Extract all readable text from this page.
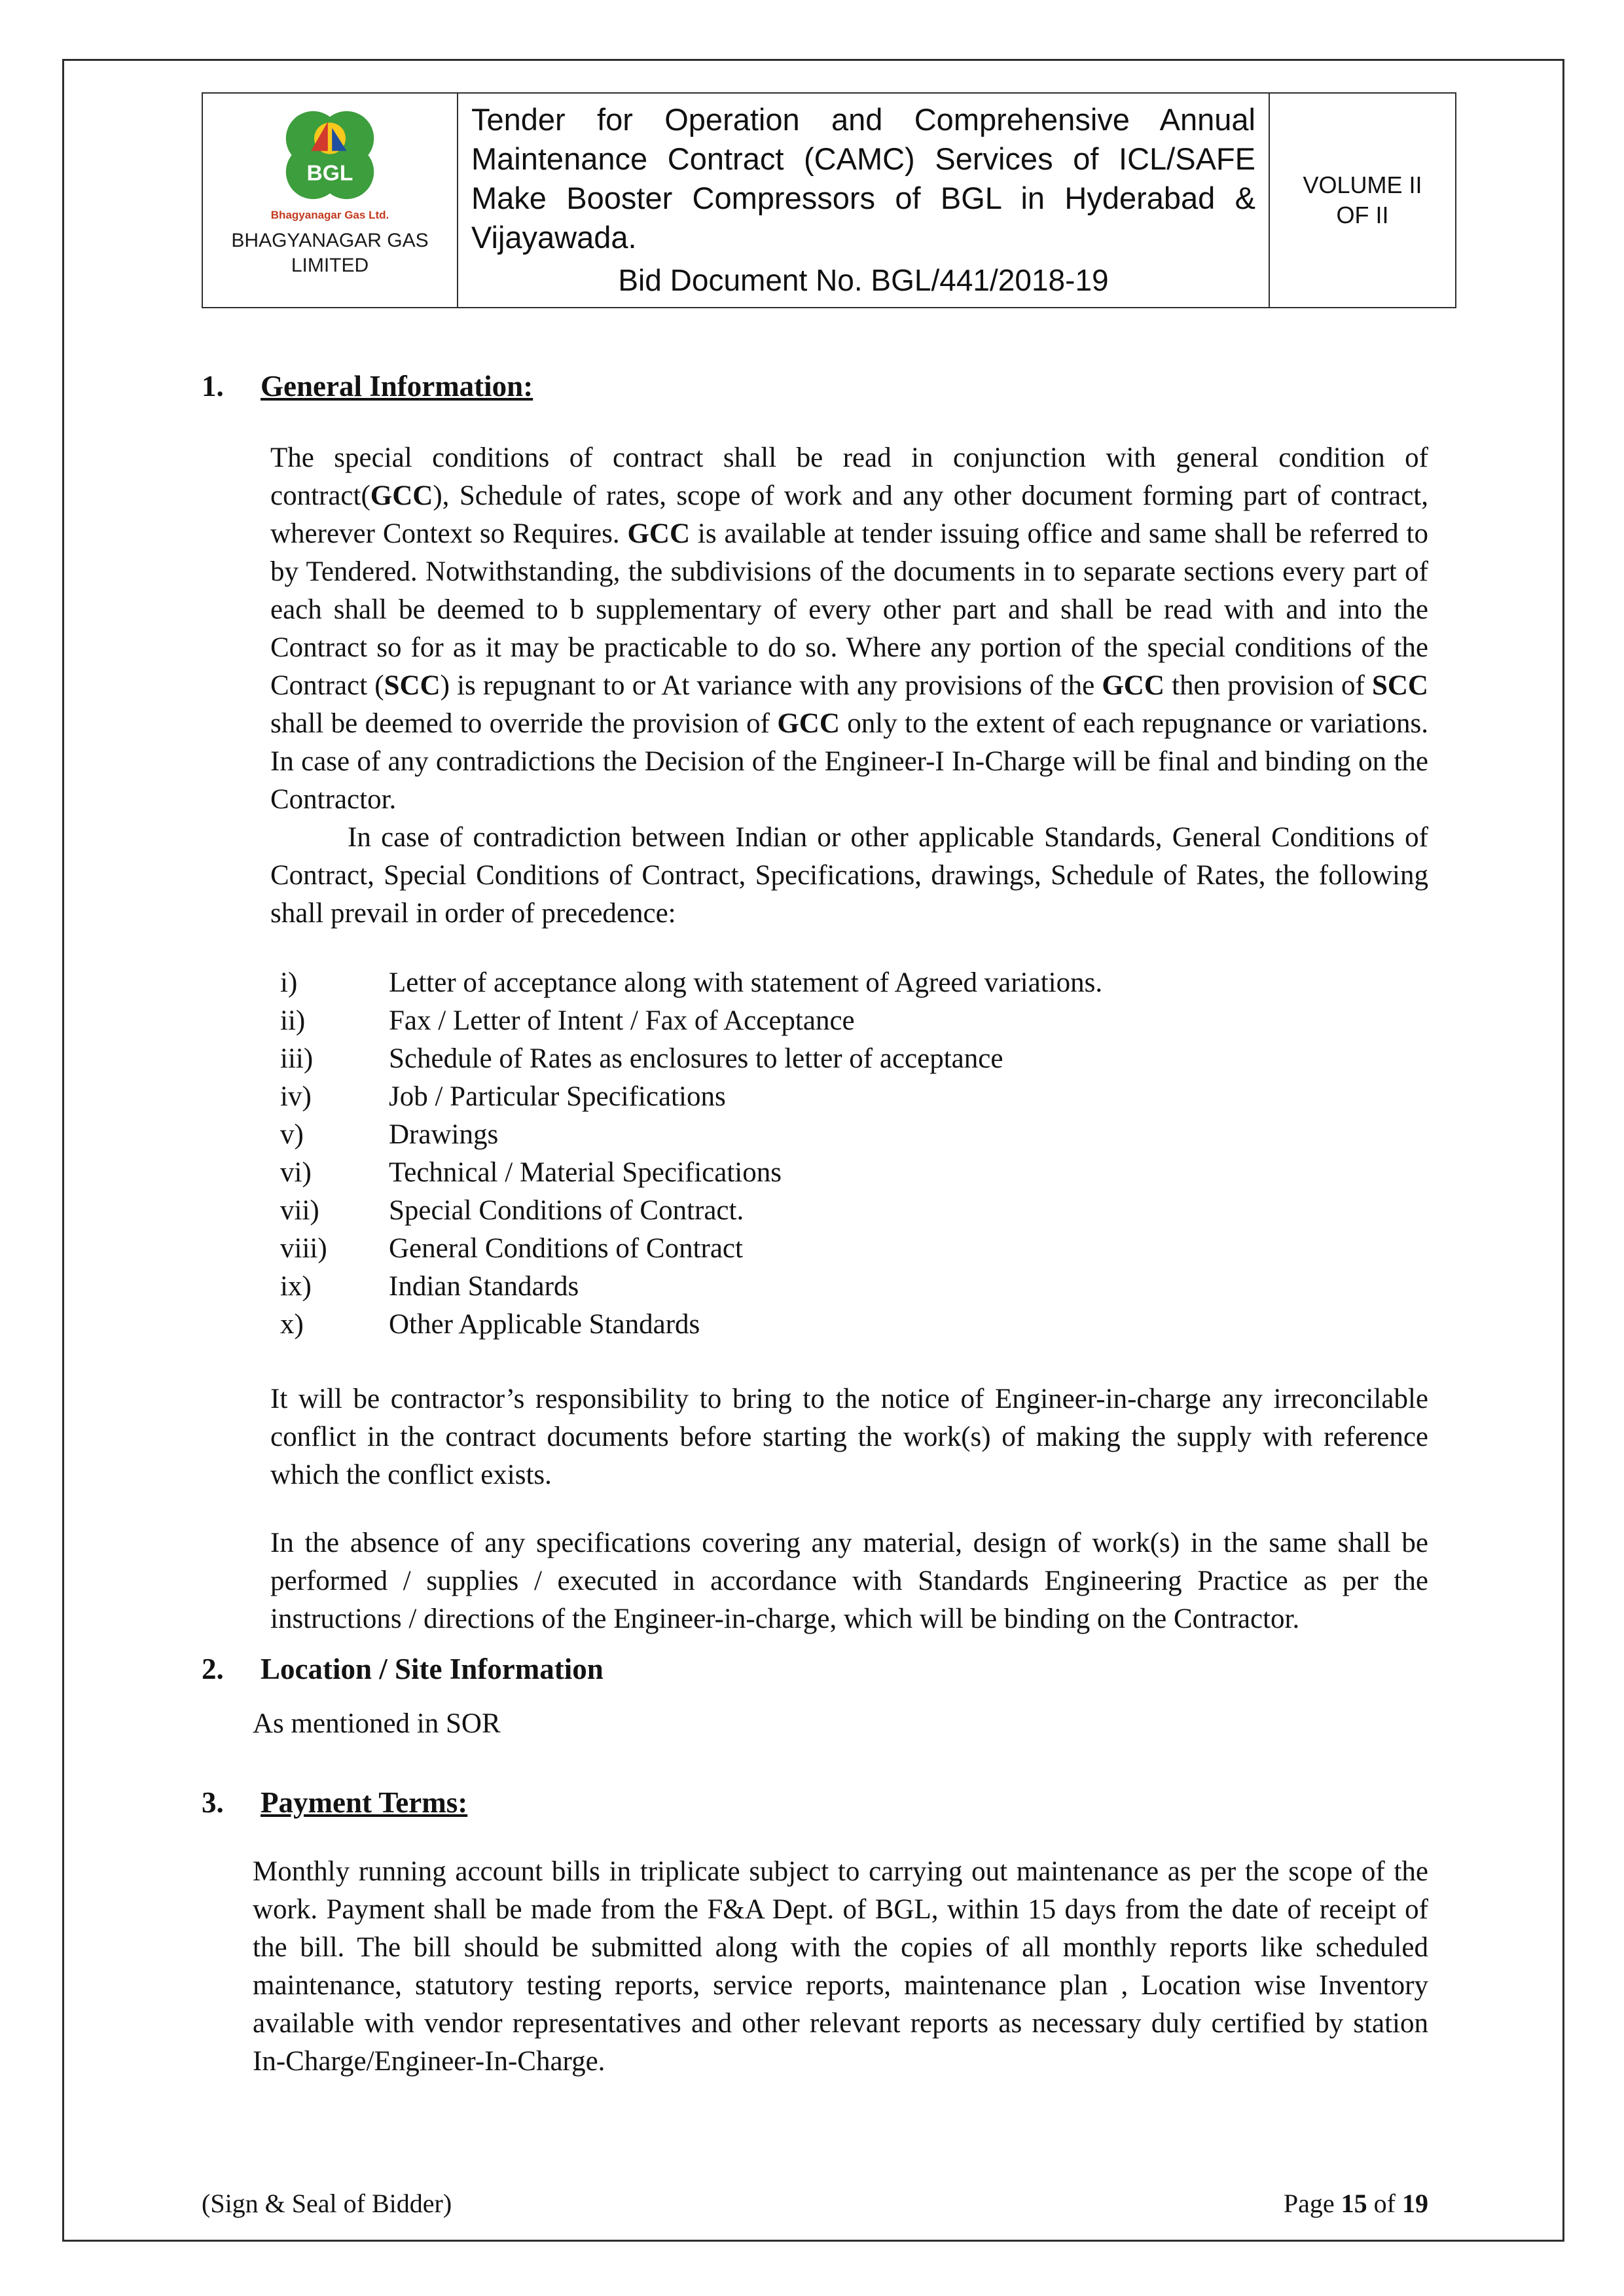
BGL
Bhagyanagar Gas Ltd.
BHAGYANAGAR GAS LIMITED

Tender for Operation and Comprehensive Annual Maintenance Contract (CAMC) Services of ICL/SAFE Make Booster Compressors of BGL in Hyderabad & Vijayawada.
Bid Document No. BGL/441/2018-19

VOLUME II
OF II
1.	General Information:

The special conditions of contract shall be read in conjunction with general condition of contract(GCC), Schedule of rates, scope of work and any other document forming part of contract, wherever Context so Requires. GCC is available at tender issuing office and same shall be referred to by Tendered. Notwithstanding, the subdivisions of the documents in to separate sections every part of each shall be deemed to b supplementary of every other part and shall be read with and into the Contract so for as it may be practicable to do so. Where any portion of the special conditions of the Contract (SCC) is repugnant to or At variance with any provisions of the GCC then provision of SCC shall be deemed to override the provision of GCC only to the extent of each repugnance or variations. In case of any contradictions the Decision of the Engineer-I In-Charge will be final and binding on the Contractor.

In case of contradiction between Indian or other applicable Standards, General Conditions of Contract, Special Conditions of Contract, Specifications, drawings, Schedule of Rates, the following shall prevail in order of precedence:

i)	Letter of acceptance along with statement of Agreed variations.
ii)	Fax / Letter of Intent / Fax of Acceptance
iii)	Schedule of Rates as enclosures to letter of acceptance
iv)	Job / Particular Specifications
v)	Drawings
vi)	Technical / Material Specifications
vii)	Special Conditions of Contract.
viii)	General Conditions of Contract
ix)	Indian Standards
x)	Other Applicable Standards

It will be contractor’s responsibility to bring to the notice of Engineer-in-charge any irreconcilable conflict in the contract documents before starting the work(s) of making the supply with reference which the conflict exists.

In the absence of any specifications covering any material, design of work(s) in the same shall be performed / supplies / executed in accordance with Standards Engineering Practice as per the instructions / directions of the Engineer-in-charge, which will be binding on the Contractor.

2.	Location / Site Information

As mentioned in SOR

3.	Payment Terms:

Monthly running account bills in triplicate subject to carrying out maintenance as per the scope of the work. Payment shall be made from the F&A Dept. of BGL, within 15 days from the date of receipt of the bill. The bill should be submitted along with the copies of all monthly reports like scheduled maintenance, statutory testing reports, service reports, maintenance plan , Location wise Inventory available with vendor representatives and other relevant reports as necessary duly certified by station In-Charge/Engineer-In-Charge.

(Sign & Seal of Bidder)	Page 15 of 19
